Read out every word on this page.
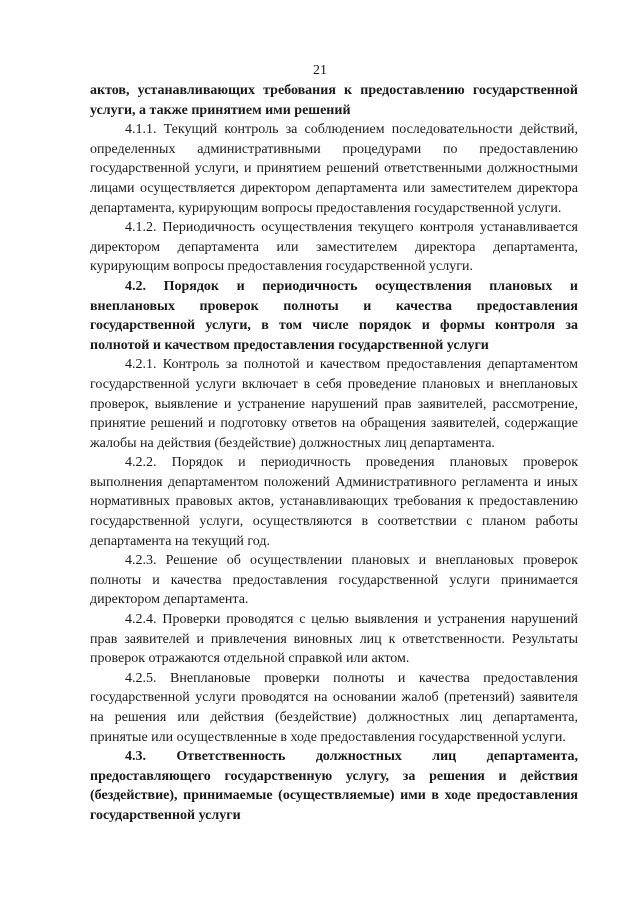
21

актов, устанавливающих требования к предоставлению государственной услуги, а также принятием ими решений

4.1.1. Текущий контроль за соблюдением последовательности действий, определенных административными процедурами по предоставлению государственной услуги, и принятием решений ответственными должностными лицами осуществляется директором департамента или заместителем директора департамента, курирующим вопросы предоставления государственной услуги.

4.1.2. Периодичность осуществления текущего контроля устанавливается директором департамента или заместителем директора департамента, курирующим вопросы предоставления государственной услуги.

4.2. Порядок и периодичность осуществления плановых и внеплановых проверок полноты и качества предоставления государственной услуги, в том числе порядок и формы контроля за полнотой и качеством предоставления государственной услуги

4.2.1. Контроль за полнотой и качеством предоставления департаментом государственной услуги включает в себя проведение плановых и внеплановых проверок, выявление и устранение нарушений прав заявителей, рассмотрение, принятие решений и подготовку ответов на обращения заявителей, содержащие жалобы на действия (бездействие) должностных лиц департамента.

4.2.2. Порядок и периодичность проведения плановых проверок выполнения департаментом положений Административного регламента и иных нормативных правовых актов, устанавливающих требования к предоставлению государственной услуги, осуществляются в соответствии с планом работы департамента на текущий год.

4.2.3. Решение об осуществлении плановых и внеплановых проверок полноты и качества предоставления государственной услуги принимается директором департамента.

4.2.4. Проверки проводятся с целью выявления и устранения нарушений прав заявителей и привлечения виновных лиц к ответственности. Результаты проверок отражаются отдельной справкой или актом.

4.2.5. Внеплановые проверки полноты и качества предоставления государственной услуги проводятся на основании жалоб (претензий) заявителя на решения или действия (бездействие) должностных лиц департамента, принятые или осуществленные в ходе предоставления государственной услуги.

4.3. Ответственность должностных лиц департамента, предоставляющего государственную услугу, за решения и действия (бездействие), принимаемые (осуществляемые) ими в ходе предоставления государственной услуги
